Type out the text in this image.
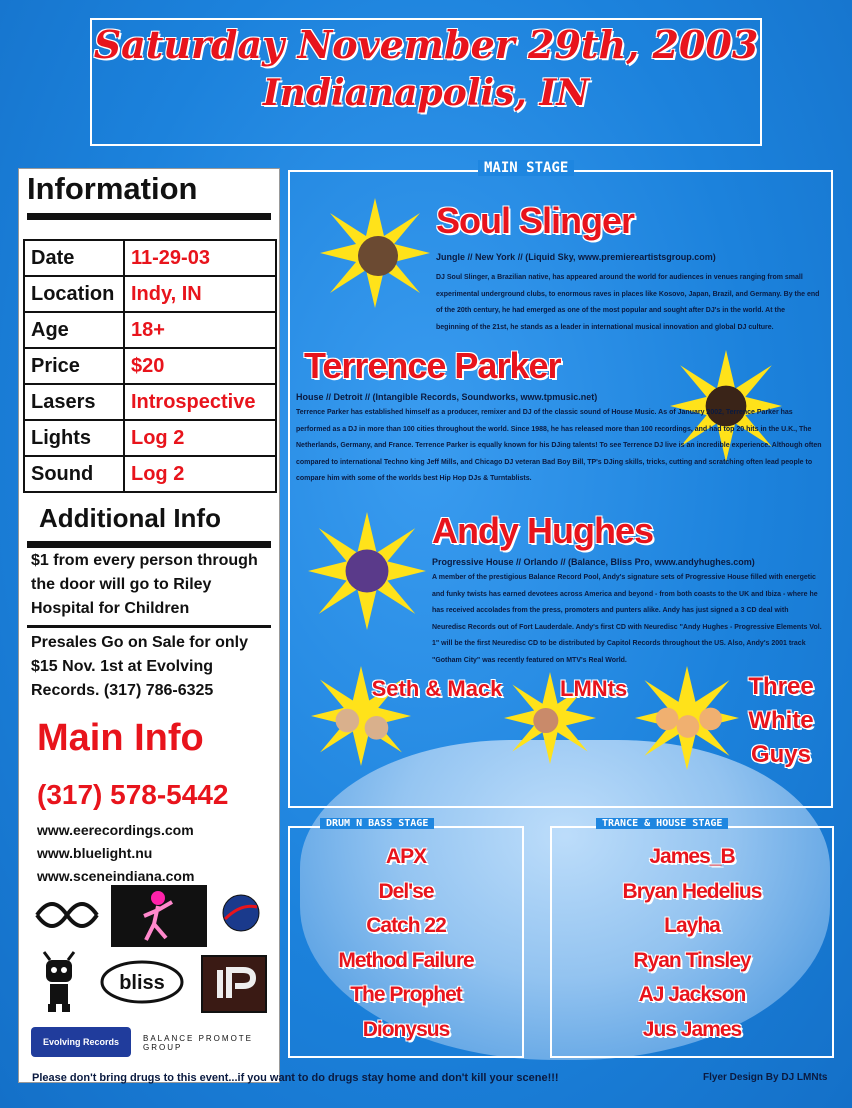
Saturday November 29th, 2003
Indianapolis, IN
Information
Date	11-29-03
Location	Indy, IN
Age	18+
Price	$20
Lasers	Introspective
Lights	Log 2
Sound	Log 2
Additional Info
$1 from every person through the door will go to Riley Hospital for Children
Presales Go on Sale for only $15 Nov. 1st at Evolving Records. (317) 786-6325
Main Info
(317) 578-5442
www.eerecordings.com
www.bluelight.nu
www.sceneindiana.com
bliss
Evolving Records	BALANCE PROMOTE GROUP
MAIN STAGE
Soul Slinger
Jungle // New York // (Liquid Sky, www.premiereartistsgroup.com)
DJ Soul Slinger, a Brazilian native, has appeared around the world for audiences in venues ranging from small experimental underground clubs, to enormous raves in places like Kosovo, Japan, Brazil, and Germany. By the end of the 20th century, he had emerged as one of the most popular and sought after DJ's in the world. At the beginning of the 21st, he stands as a leader in international musical innovation and global DJ culture.
Terrence Parker
House // Detroit // (Intangible Records, Soundworks, www.tpmusic.net)
Terrence Parker has established himself as a producer, remixer and DJ of the classic sound of House Music. As of January 2002, Terrence Parker has performed as a DJ in more than 100 cities throughout the world. Since 1988, he has released more than 100 recordings, and had top 20 hits in the U.K., The Netherlands, Germany, and France. Terrence Parker is equally known for his DJing talents! To see Terrence DJ live is an incredible experience. Although often compared to international Techno king Jeff Mills, and Chicago DJ veteran Bad Boy Bill, TP's DJing skills, tricks, cutting and scratching often lead people to compare him with some of the worlds best Hip Hop DJs & Turntablists.
Andy Hughes
Progressive House // Orlando // (Balance, Bliss Pro, www.andyhughes.com)
A member of the prestigious Balance Record Pool, Andy's signature sets of Progressive House filled with energetic and funky twists has earned devotees across America and beyond - from both coasts to the UK and Ibiza - where he has received accolades from the press, promoters and punters alike. Andy has just signed a 3 CD deal with Neuredisc Records out of Fort Lauderdale. Andy's first CD with Neuredisc "Andy Hughes - Progressive Elements Vol. 1" will be the first Neuredisc CD to be distributed by Capitol Records throughout the US. Also, Andy's 2001 track "Gotham City" was recently featured on MTV's Real World.
Seth & Mack	LMNts	Three White Guys
DRUM N BASS STAGE
APX
Del'se
Catch 22
Method Failure
The Prophet
Dionysus
TRANCE & HOUSE STAGE
James_B
Bryan Hedelius
Layha
Ryan Tinsley
AJ Jackson
Jus James
Please don't bring drugs to this event...if you want to do drugs stay home and don't kill your scene!!!	Flyer Design By DJ LMNts
